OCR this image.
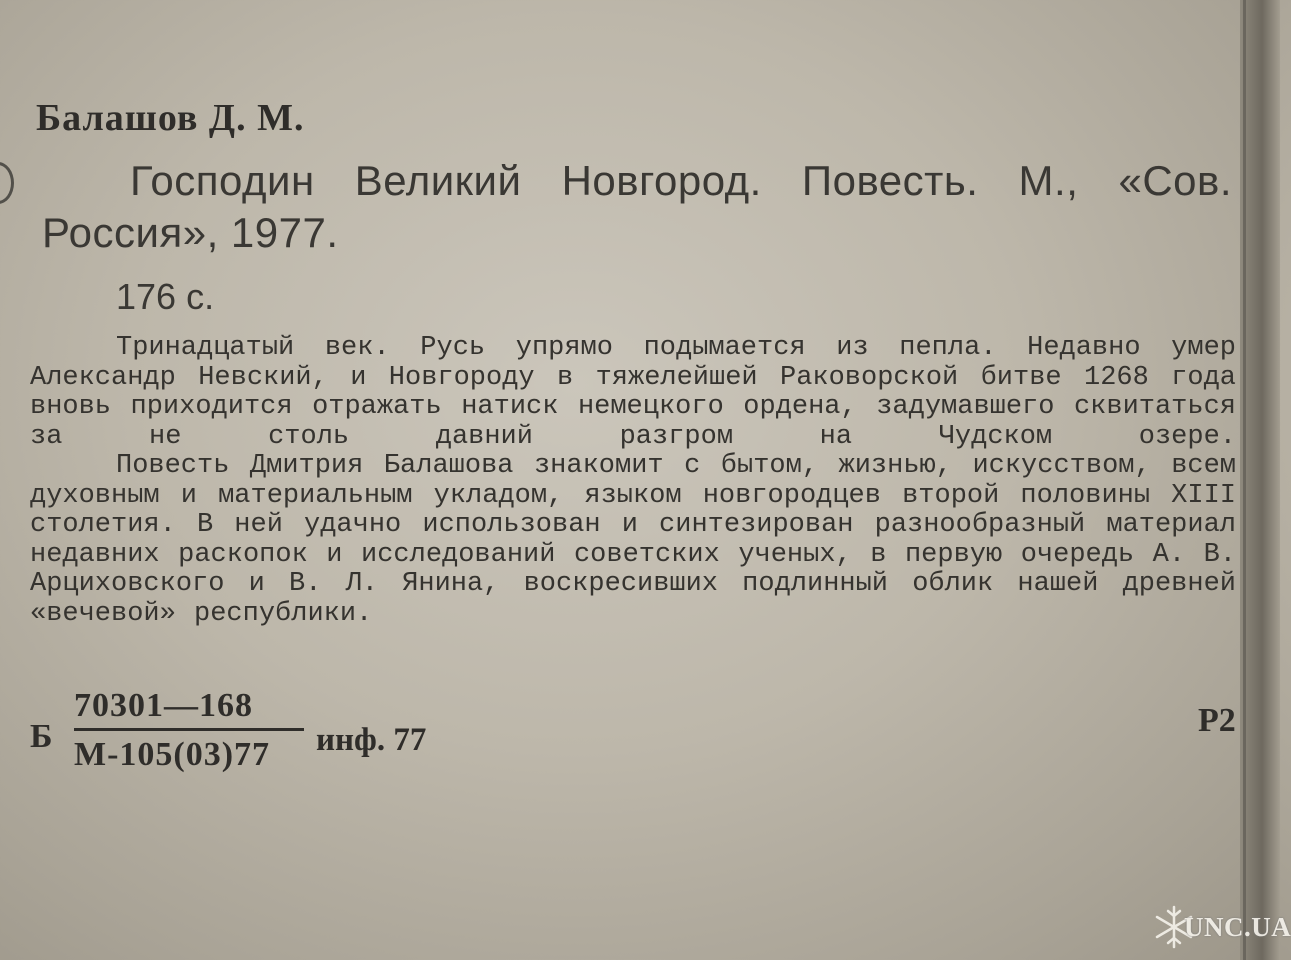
Балашов Д. М.
Господин Великий Новгород. Повесть. М., «Сов. Россия», 1977.
176 с.

Тринадцатый век. Русь упрямо подымается из пепла. Недавно умер Александр Невский, и Новгороду в тяжелейшей Раковорской битве 1268 года вновь приходится отражать натиск немецкого ордена, задумавшего сквитаться за не столь давний разгром на Чудском озере.

Повесть Дмитрия Балашова знакомит с бытом, жизнью, искусством, всем духовным и материальным укладом, языком новгородцев второй половины XIII столетия. В ней удачно использован и синтезирован разнообразный материал недавних раскопок и исследований советских ученых, в первую очередь А. В. Арциховского и В. Л. Янина, воскресивших подлинный облик нашей древней «вечевой» республики.

Б
70301—168
М-105(03)77	инф. 77
Р2
UNC.UA
